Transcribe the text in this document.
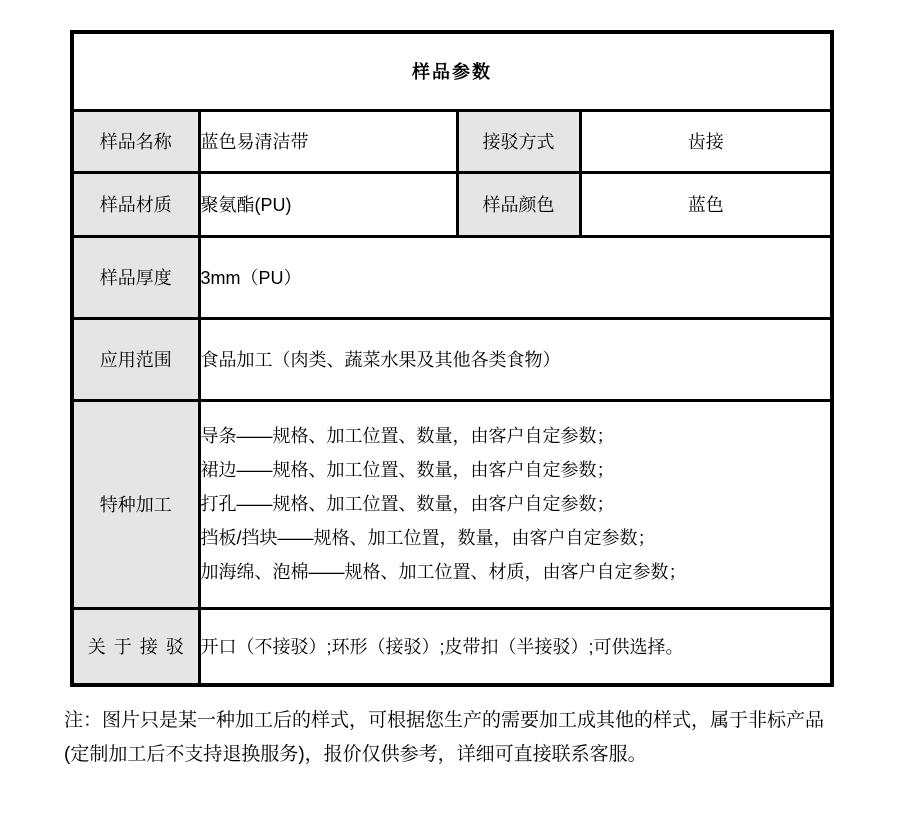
样品参数			
样品名称	蓝色易清洁带	接驳方式	齿接
样品材质	聚氨酯(PU)	样品颜色	蓝色
样品厚度	3mm（PU）		
应用范围	食品加工（肉类、蔬菜水果及其他各类食物）		
特种加工	导条——规格、加工位置、数量，由客户自定参数；
裙边——规格、加工位置、数量，由客户自定参数；
打孔——规格、加工位置、数量，由客户自定参数；
挡板/挡块——规格、加工位置，数量，由客户自定参数；
加海绵、泡棉——规格、加工位置、材质，由客户自定参数；		

关于接驳	开口（不接驳）;环形（接驳）;皮带扣（半接驳）;可供选择。		
注：图片只是某一种加工后的样式，可根据您生产的需要加工成其他的样式，属于非标产品(定制加工后不支持退换服务)，报价仅供参考，详细可直接联系客服。
